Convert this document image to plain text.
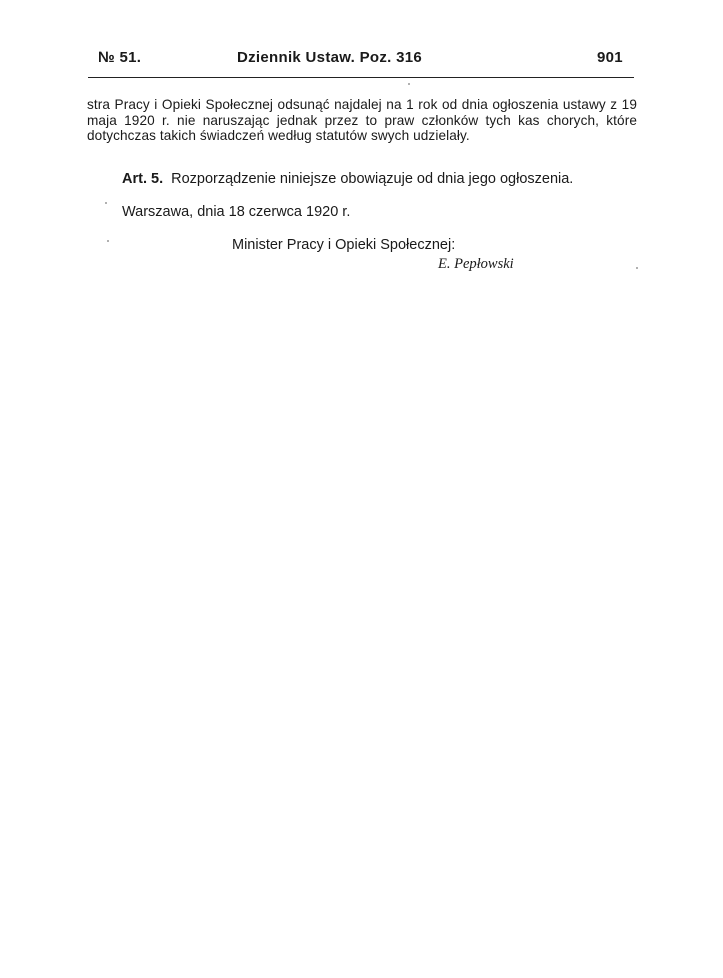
№ 51.	Dziennik Ustaw. Poz. 316	901
stra Pracy i Opieki Społecznej odsunąć najdalej na 1 rok od dnia ogłoszenia ustawy z 19 maja 1920 r. nie naruszając jednak przez to praw członków tych kas chorych, które dotychczas takich świadczeń według statutów swych udzielały.
Art. 5. Rozporządzenie niniejsze obowiązuje od dnia jego ogłoszenia.
Warszawa, dnia 18 czerwca 1920 r.
Minister Pracy i Opieki Społecznej:
E. Pepłowski
